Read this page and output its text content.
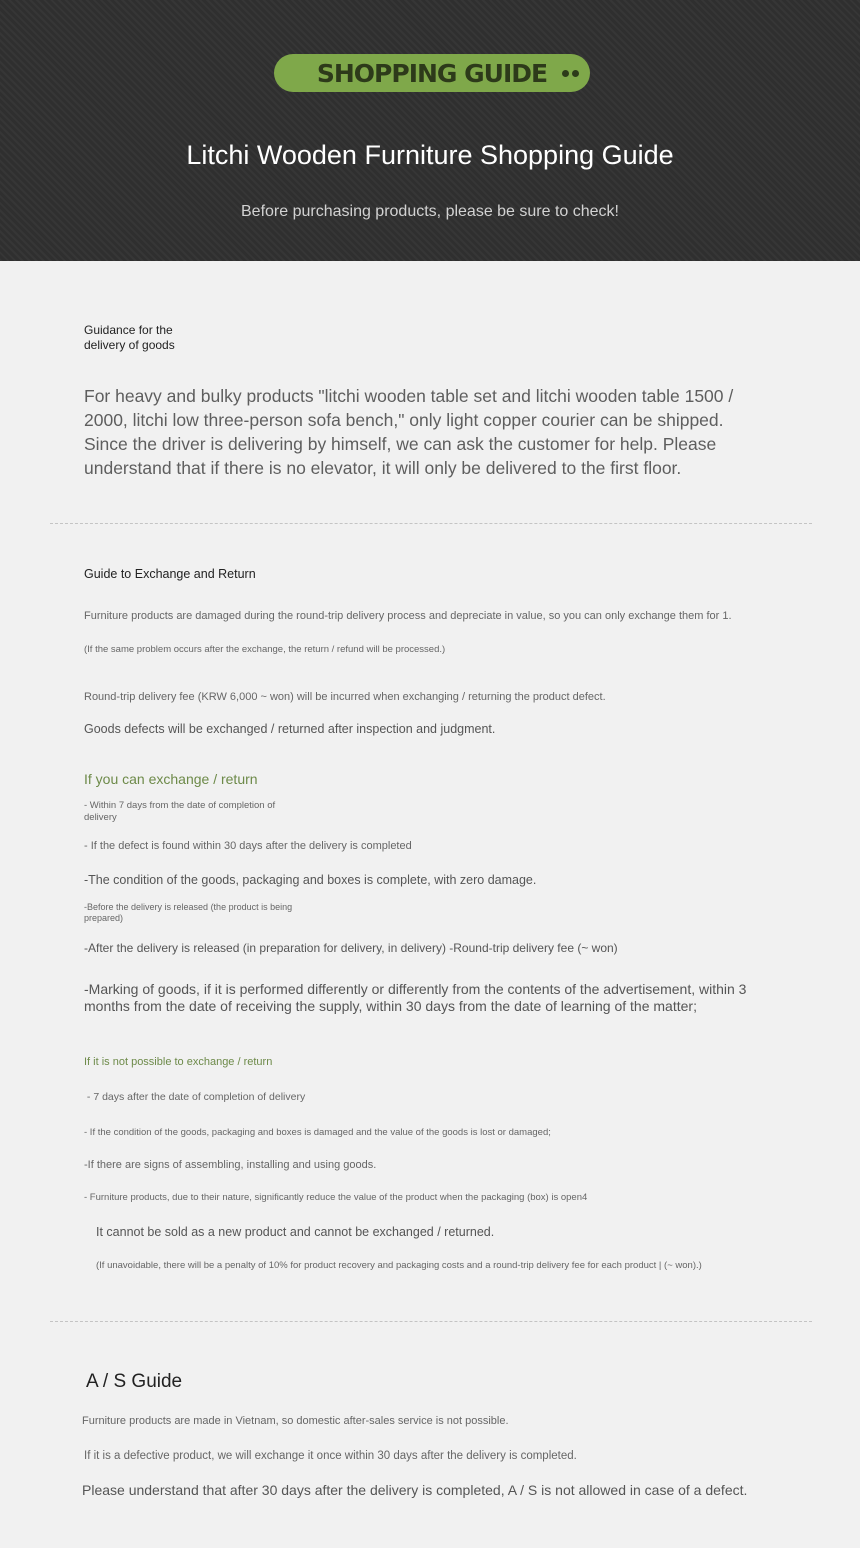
SHOPPING GUIDE
Litchi Wooden Furniture Shopping Guide
Before purchasing products, please be sure to check!

Guidance for the

delivery of goods

For heavy and bulky products "litchi wooden table set and litchi wooden table 1500 /

2000, litchi low three-person sofa bench," only light copper courier can be shipped.

Since the driver is delivering by himself, we can ask the customer for help. Please

understand that if there is no elevator, it will only be delivered to the first floor.

Guide to Exchange and Return

Furniture products are damaged during the round-trip delivery process and depreciate in value, so you can only exchange them for 1.

(If the same problem occurs after the exchange, the return / refund will be processed.)

Round-trip delivery fee (KRW 6,000 ~ won) will be incurred when exchanging / returning the product defect.

Goods defects will be exchanged / returned after inspection and judgment.

If you can exchange / return

- Within 7 days from the date of completion of

delivery

- If the defect is found within 30 days after the delivery is completed

-The condition of the goods, packaging and boxes is complete, with zero damage.

-Before the delivery is released (the product is being

prepared)

-After the delivery is released (in preparation for delivery, in delivery) -Round-trip delivery fee (~ won)

-Marking of goods, if it is performed differently or differently from the contents of the advertisement, within 3

months from the date of receiving the supply, within 30 days from the date of learning of the matter;

If it is not possible to exchange / return

- 7 days after the date of completion of delivery

- If the condition of the goods, packaging and boxes is damaged and the value of the goods is lost or damaged;

-If there are signs of assembling, installing and using goods.

- Furniture products, due to their nature, significantly reduce the value of the product when the packaging (box) is open4

It cannot be sold as a new product and cannot be exchanged / returned.

(If unavoidable, there will be a penalty of 10% for product recovery and packaging costs and a round-trip delivery fee for each product | (~ won).)

A / S Guide

Furniture products are made in Vietnam, so domestic after-sales service is not possible.

If it is a defective product, we will exchange it once within 30 days after the delivery is completed.

Please understand that after 30 days after the delivery is completed, A / S is not allowed in case of a defect.
